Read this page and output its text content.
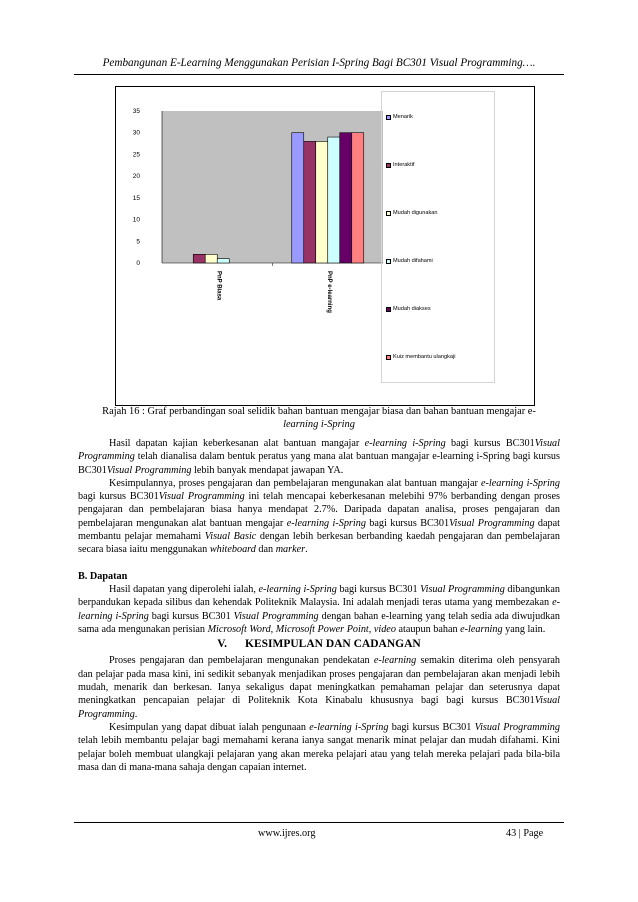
Pembangunan E-Learning Menggunakan Perisian I-Spring Bagi BC301 Visual Programming….
0
5
10
15
20
25
30
35
PnP Biasa	PnP e-learning
Menarik
Interaktif
Mudah digunakan
Mudah difahami
Mudah diakses
Kuiz membantu ulangkaji
Rajah 16 : Graf perbandingan soal selidik bahan bantuan mengajar biasa dan bahan bantuan mengajar e-
learning i-Spring

Hasil dapatan kajian keberkesanan alat bantuan mangajar e-learning i-Spring bagi kursus BC301Visual Programming telah dianalisa dalam bentuk peratus yang mana alat bantuan mangajar e-learning i-Spring bagi kursus BC301Visual Programming lebih banyak mendapat jawapan YA.

Kesimpulannya, proses pengajaran dan pembelajaran mengunakan alat bantuan mangajar e-learning i-Spring bagi kursus BC301Visual Programming ini telah mencapai keberkesanan melebihi 97% berbanding dengan proses pengajaran dan pembelajaran biasa hanya mendapat 2.7%. Daripada dapatan analisa, proses pengajaran dan pembelajaran mengunakan alat bantuan mengajar e-learning i-Spring bagi kursus BC301Visual Programming dapat membantu pelajar memahami Visual Basic dengan lebih berkesan berbanding kaedah pengajaran dan pembelajaran secara biasa iaitu menggunakan whiteboard dan marker.

B. Dapatan

Hasil dapatan yang diperolehi ialah, e-learning i-Spring bagi kursus BC301 Visual Programming dibangunkan berpandukan kepada silibus dan kehendak Politeknik Malaysia. Ini adalah menjadi teras utama yang membezakan e-learning i-Spring bagi kursus BC301 Visual Programming dengan bahan e-learning yang telah sedia ada diwujudkan sama ada mengunakan perisian Microsoft Word, Microsoft Power Point, video ataupun bahan e-learning yang lain.

V. KESIMPULAN DAN CADANGAN

Proses pengajaran dan pembelajaran mengunakan pendekatan e-learning semakin diterima oleh pensyarah dan pelajar pada masa kini, ini sedikit sebanyak menjadikan proses pengajaran dan pembelajaran akan menjadi lebih mudah, menarik dan berkesan. Ianya sekaligus dapat meningkatkan pemahaman pelajar dan seterusnya dapat meningkatkan pencapaian pelajar di Politeknik Kota Kinabalu khususnya bagi bagi kursus BC301Visual Programming.

Kesimpulan yang dapat dibuat ialah pengunaan e-learning i-Spring bagi kursus BC301 Visual Programming telah lebih membantu pelajar bagi memahami kerana ianya sangat menarik minat pelajar dan mudah difahami. Kini pelajar boleh membuat ulangkaji pelajaran yang akan mereka pelajari atau yang telah mereka pelajari pada bila-bila masa dan di mana-mana sahaja dengan capaian internet.

www.ijres.org	43 | Page
